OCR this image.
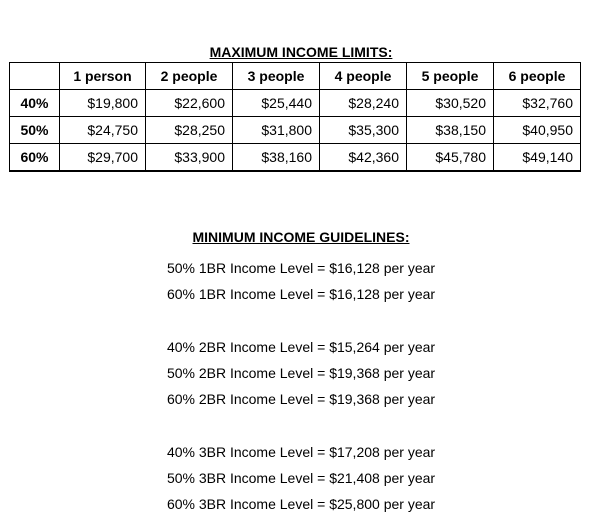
MAXIMUM INCOME LIMITS:
	1 person	2 people	3 people	4 people	5 people	6 people
40%	$19,800	$22,600	$25,440	$28,240	$30,520	$32,760
50%	$24,750	$28,250	$31,800	$35,300	$38,150	$40,950
60%	$29,700	$33,900	$38,160	$42,360	$45,780	$49,140
MINIMUM INCOME GUIDELINES:
50% 1BR Income Level = $16,128 per year
60% 1BR Income Level = $16,128 per year
40% 2BR Income Level = $15,264 per year
50% 2BR Income Level = $19,368 per year
60% 2BR Income Level = $19,368 per year
40% 3BR Income Level = $17,208 per year
50% 3BR Income Level = $21,408 per year
60% 3BR Income Level = $25,800 per year
